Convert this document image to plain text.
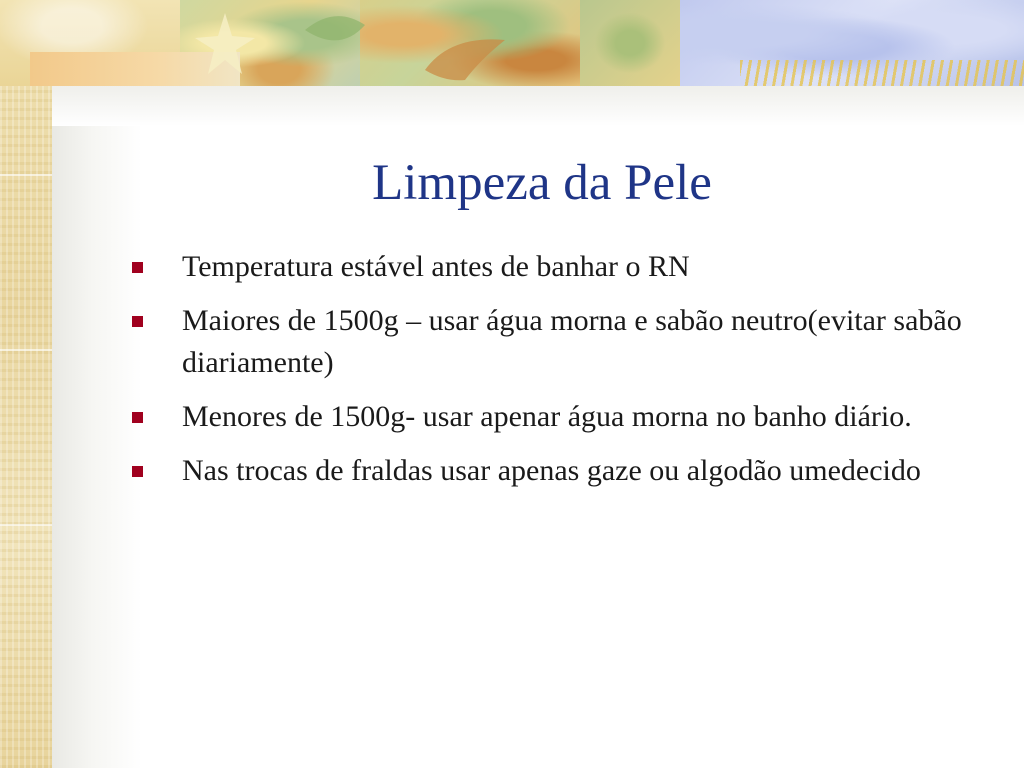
Limpeza da Pele
Temperatura estável antes de banhar o RN
Maiores de 1500g – usar água morna e sabão neutro(evitar sabão diariamente)
Menores de 1500g- usar apenar água morna no banho diário.
Nas trocas de fraldas usar apenas gaze ou algodão umedecido
